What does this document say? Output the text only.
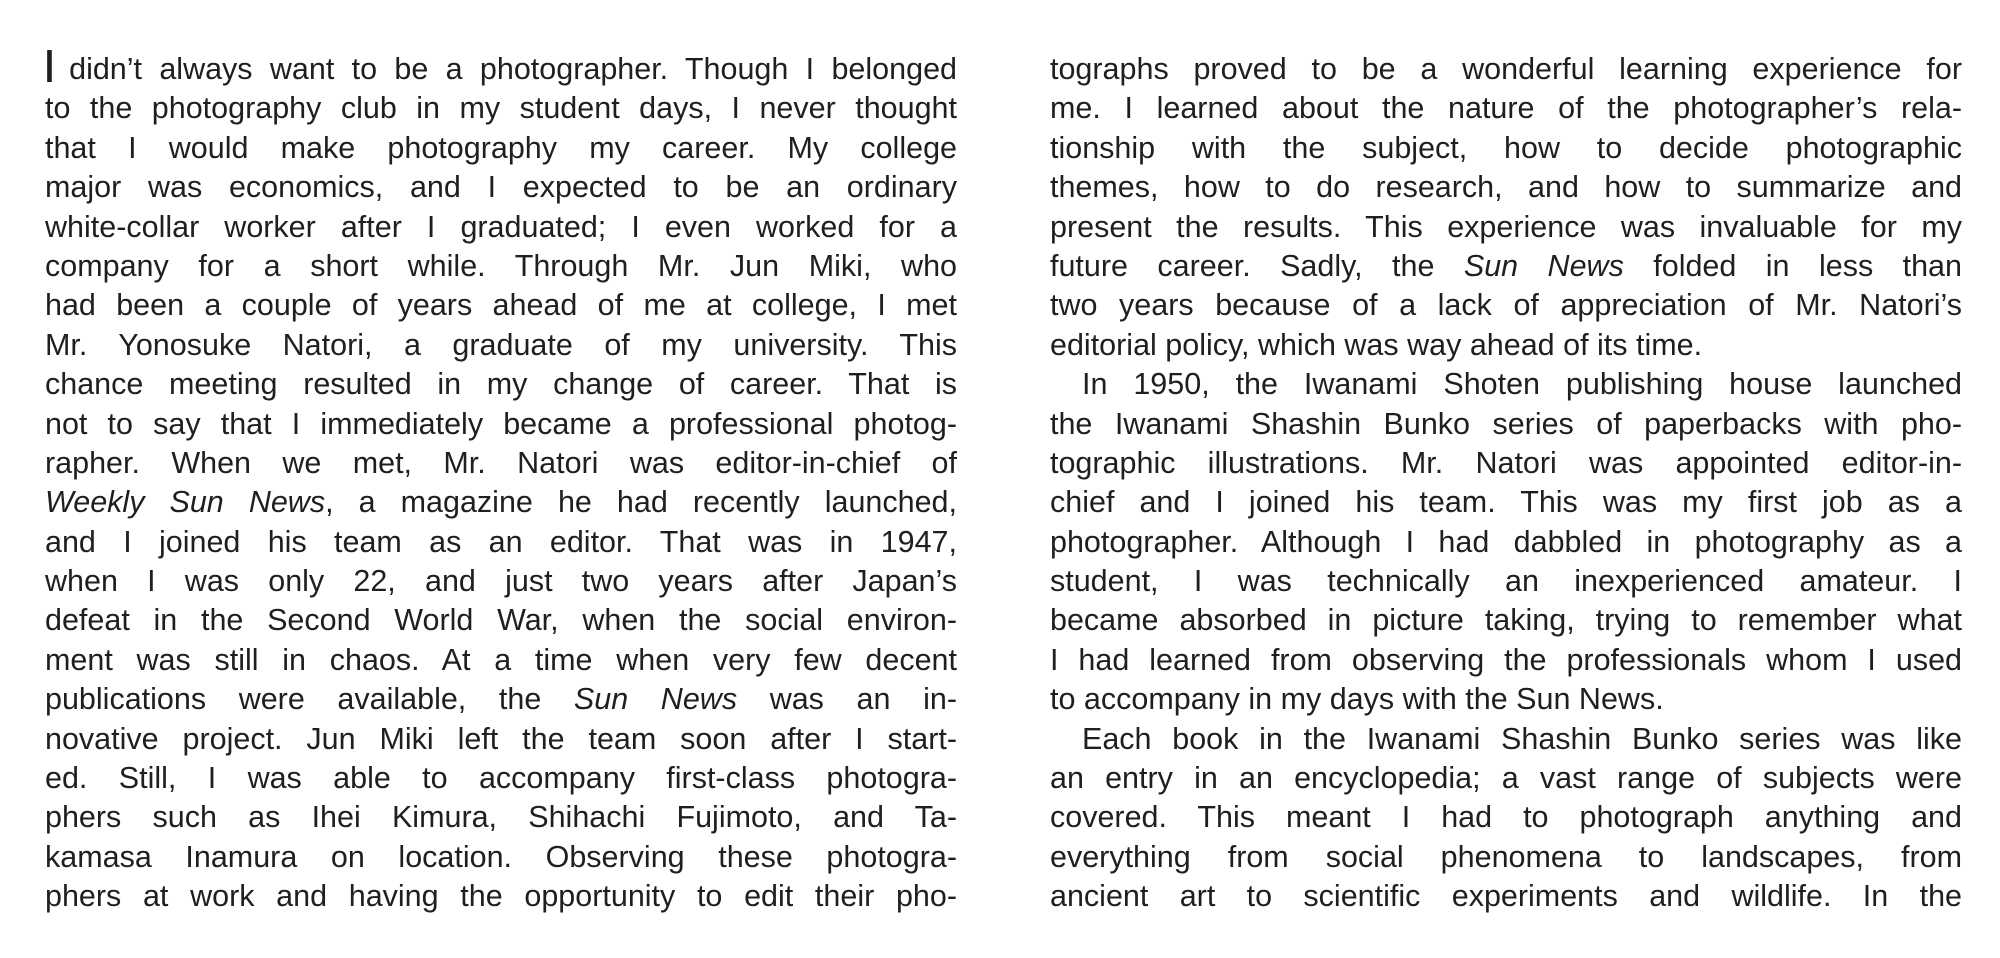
I didn’t always want to be a photographer. Though I belonged
to the photography club in my student days, I never thought
that I would make photography my career. My college
major was economics, and I expected to be an ordinary
white-collar worker after I graduated; I even worked for a
company for a short while. Through Mr. Jun Miki, who
had been a couple of years ahead of me at college, I met
Mr. Yonosuke Natori, a graduate of my university. This
chance meeting resulted in my change of career. That is
not to say that I immediately became a professional photog-
rapher. When we met, Mr. Natori was editor-in-chief of
Weekly Sun News, a magazine he had recently launched,
and I joined his team as an editor. That was in 1947,
when I was only 22, and just two years after Japan’s
defeat in the Second World War, when the social environ-
ment was still in chaos. At a time when very few decent
publications were available, the Sun News was an in-
novative project. Jun Miki left the team soon after I start-
ed. Still, I was able to accompany first-class photogra-
phers such as Ihei Kimura, Shihachi Fujimoto, and Ta-
kamasa Inamura on location. Observing these photogra-
phers at work and having the opportunity to edit their pho-
tographs proved to be a wonderful learning experience for
me. I learned about the nature of the photographer’s rela-
tionship with the subject, how to decide photographic
themes, how to do research, and how to summarize and
present the results. This experience was invaluable for my
future career. Sadly, the Sun News folded in less than
two years because of a lack of appreciation of Mr. Natori’s
editorial policy, which was way ahead of its time.
In 1950, the Iwanami Shoten publishing house launched
the Iwanami Shashin Bunko series of paperbacks with pho-
tographic illustrations. Mr. Natori was appointed editor-in-
chief and I joined his team. This was my first job as a
photographer. Although I had dabbled in photography as a
student, I was technically an inexperienced amateur. I
became absorbed in picture taking, trying to remember what
I had learned from observing the professionals whom I used
to accompany in my days with the Sun News.
Each book in the Iwanami Shashin Bunko series was like
an entry in an encyclopedia; a vast range of subjects were
covered. This meant I had to photograph anything and
everything from social phenomena to landscapes, from
ancient art to scientific experiments and wildlife. In the
